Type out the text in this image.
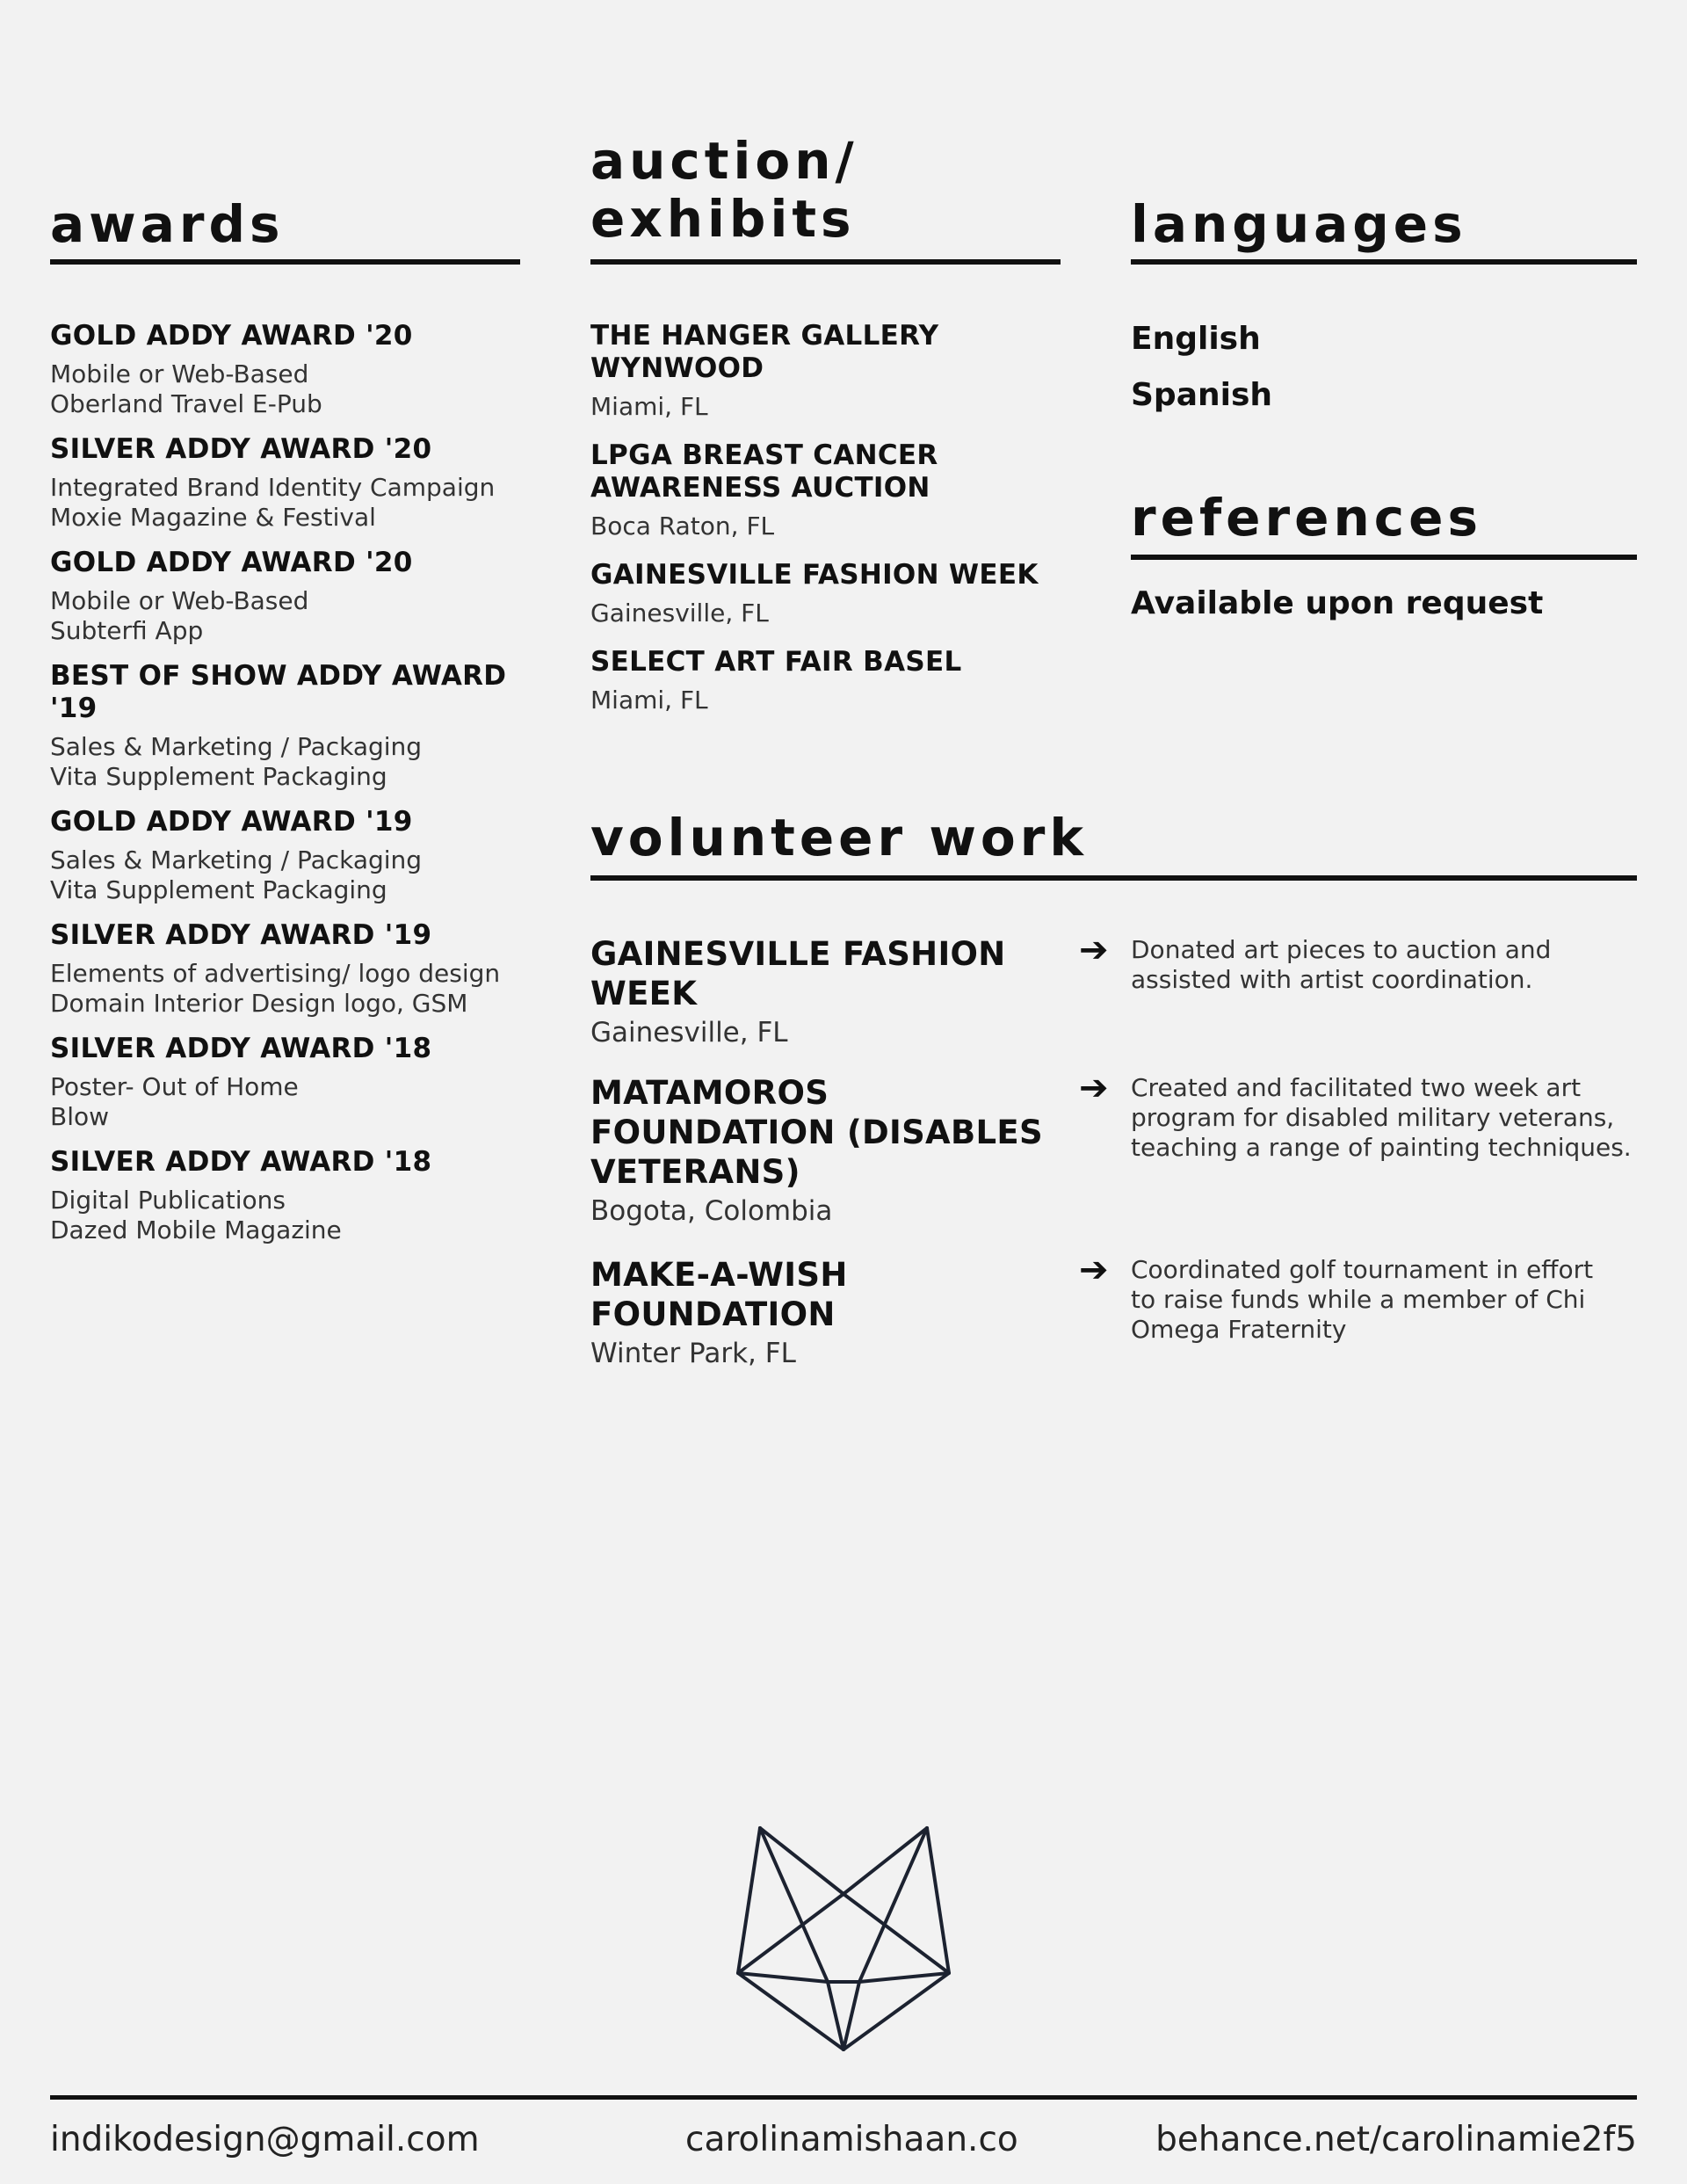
awards
GOLD ADDY AWARD '20
Mobile or Web-Based
Oberland Travel E-Pub
SILVER ADDY AWARD '20
Integrated Brand Identity Campaign
Moxie Magazine & Festival
GOLD ADDY AWARD '20
Mobile or Web-Based
Subterfi App
BEST OF SHOW ADDY AWARD '19
Sales & Marketing / Packaging
Vita Supplement Packaging
GOLD ADDY AWARD '19
Sales & Marketing / Packaging
Vita Supplement Packaging
SILVER ADDY AWARD '19
Elements of advertising/ logo design
Domain Interior Design logo, GSM
SILVER ADDY AWARD '18
Poster- Out of Home
Blow
SILVER ADDY AWARD '18
Digital Publications
Dazed Mobile Magazine
auction/
exhibits
THE HANGER GALLERY WYNWOOD
Miami, FL
LPGA BREAST CANCER AWARENESS AUCTION
Boca Raton, FL
GAINESVILLE FASHION WEEK
Gainesville, FL
SELECT ART FAIR BASEL
Miami, FL
languages
English
Spanish
references
Available upon request
volunteer work
GAINESVILLE FASHION WEEK
Gainesville, FL
➔ Donated art pieces to auction and assisted with artist coordination.
MATAMOROS FOUNDATION (DISABLES VETERANS)
Bogota, Colombia
➔ Created and facilitated two week art program for disabled military veterans, teaching a range of painting techniques.
MAKE-A-WISH FOUNDATION
Winter Park, FL
➔ Coordinated golf tournament in effort to raise funds while a member of Chi Omega Fraternity
indikodesign@gmail.com	carolinamishaan.co	behance.net/carolinamie2f5
